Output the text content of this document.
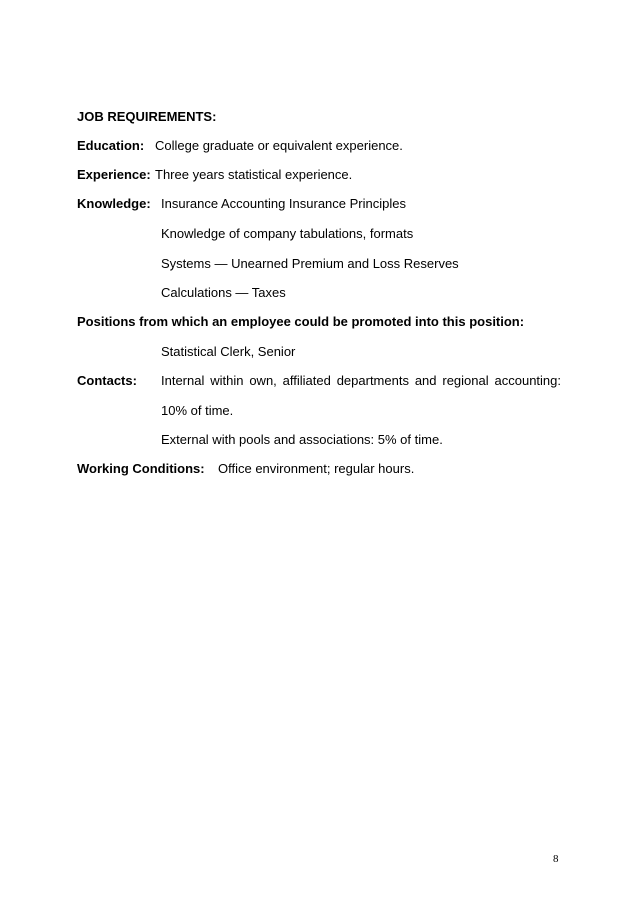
JOB REQUIREMENTS:
Education: College graduate or equivalent experience.
Experience: Three years statistical experience.
Knowledge: Insurance Accounting Insurance Principles
Knowledge of company tabulations, formats
Systems — Unearned Premium and Loss Reserves
Calculations — Taxes
Positions from which an employee could be promoted into this position:
Statistical Clerk, Senior
Contacts: Internal within own, affiliated departments and regional accounting:
10% of time.
External with pools and associations: 5% of time.
Working Conditions: Office environment; regular hours.
8
